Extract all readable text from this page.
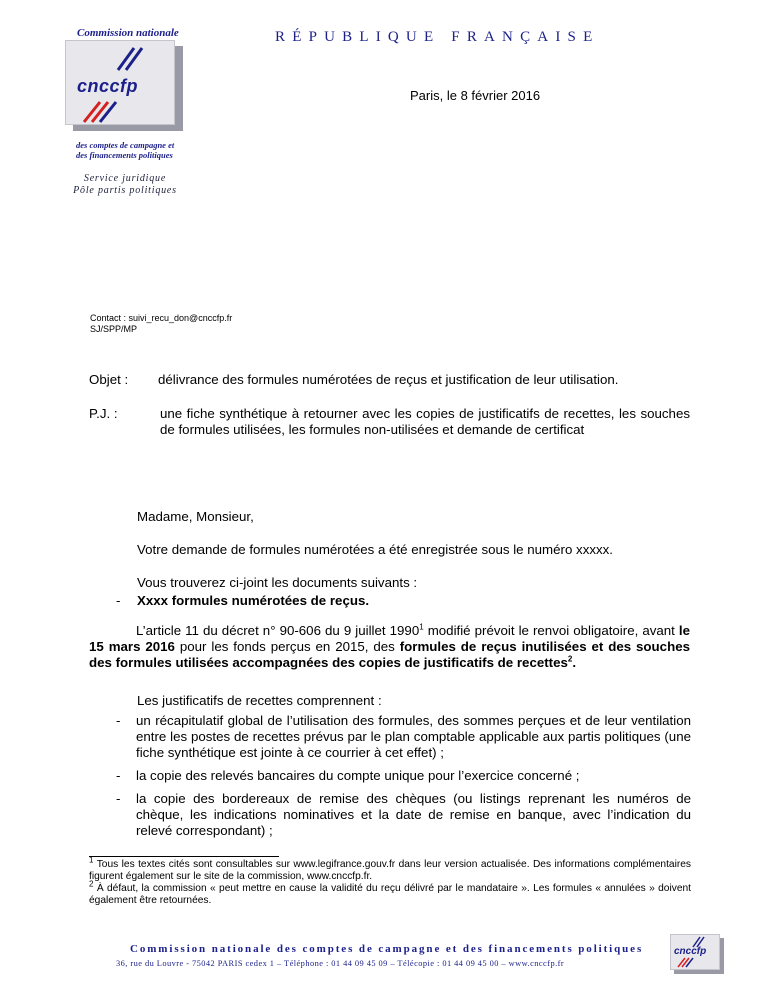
Commission nationale
cnccfp
des comptes de campagne et
des financements politiques
Service juridique
Pôle partis politiques
RÉPUBLIQUE FRANÇAISE
Paris, le 8 février 2016
Contact : suivi_recu_don@cnccfp.fr
SJ/SPP/MP
Objet : délivrance des formules numérotées de reçus et justification de leur utilisation.
P.J. :	une fiche synthétique à retourner avec les copies de justificatifs de recettes, les souches de formules utilisées, les formules non-utilisées et demande de certificat
Madame, Monsieur,
Votre demande de formules numérotées a été enregistrée sous le numéro xxxxx.
Vous trouverez ci-joint les documents suivants :
- Xxxx formules numérotées de reçus.
L’article 11 du décret n° 90-606 du 9 juillet 1990$^1$ modifié prévoit le renvoi obligatoire, avant le 15 mars 2016 pour les fonds perçus en 2015, des formules de reçus inutilisées et des souches des formules utilisées accompagnées des copies de justificatifs de recettes$^2$.
Les justificatifs de recettes comprennent :
-	un récapitulatif global de l’utilisation des formules, des sommes perçues et de leur ventilation entre les postes de recettes prévus par le plan comptable applicable aux partis politiques (une fiche synthétique est jointe à ce courrier à cet effet) ;
-	la copie des relevés bancaires du compte unique pour l’exercice concerné ;
-	la copie des bordereaux de remise des chèques (ou listings reprenant les numéros de chèque, les indications nominatives et la date de remise en banque, avec l’indication du relevé correspondant) ;
$^1$ Tous les textes cités sont consultables sur www.legifrance.gouv.fr dans leur version actualisée. Des informations complémentaires figurent également sur le site de la commission, www.cnccfp.fr.
$^2$ À défaut, la commission « peut mettre en cause la validité du reçu délivré par le mandataire ». Les formules « annulées » doivent également être retournées.
Commission nationale des comptes de campagne et des financements politiques
36, rue du Louvre - 75042 PARIS cedex 1 – Téléphone : 01 44 09 45 09 – Télécopie : 01 44 09 45 00 – www.cnccfp.fr
cnccfp
